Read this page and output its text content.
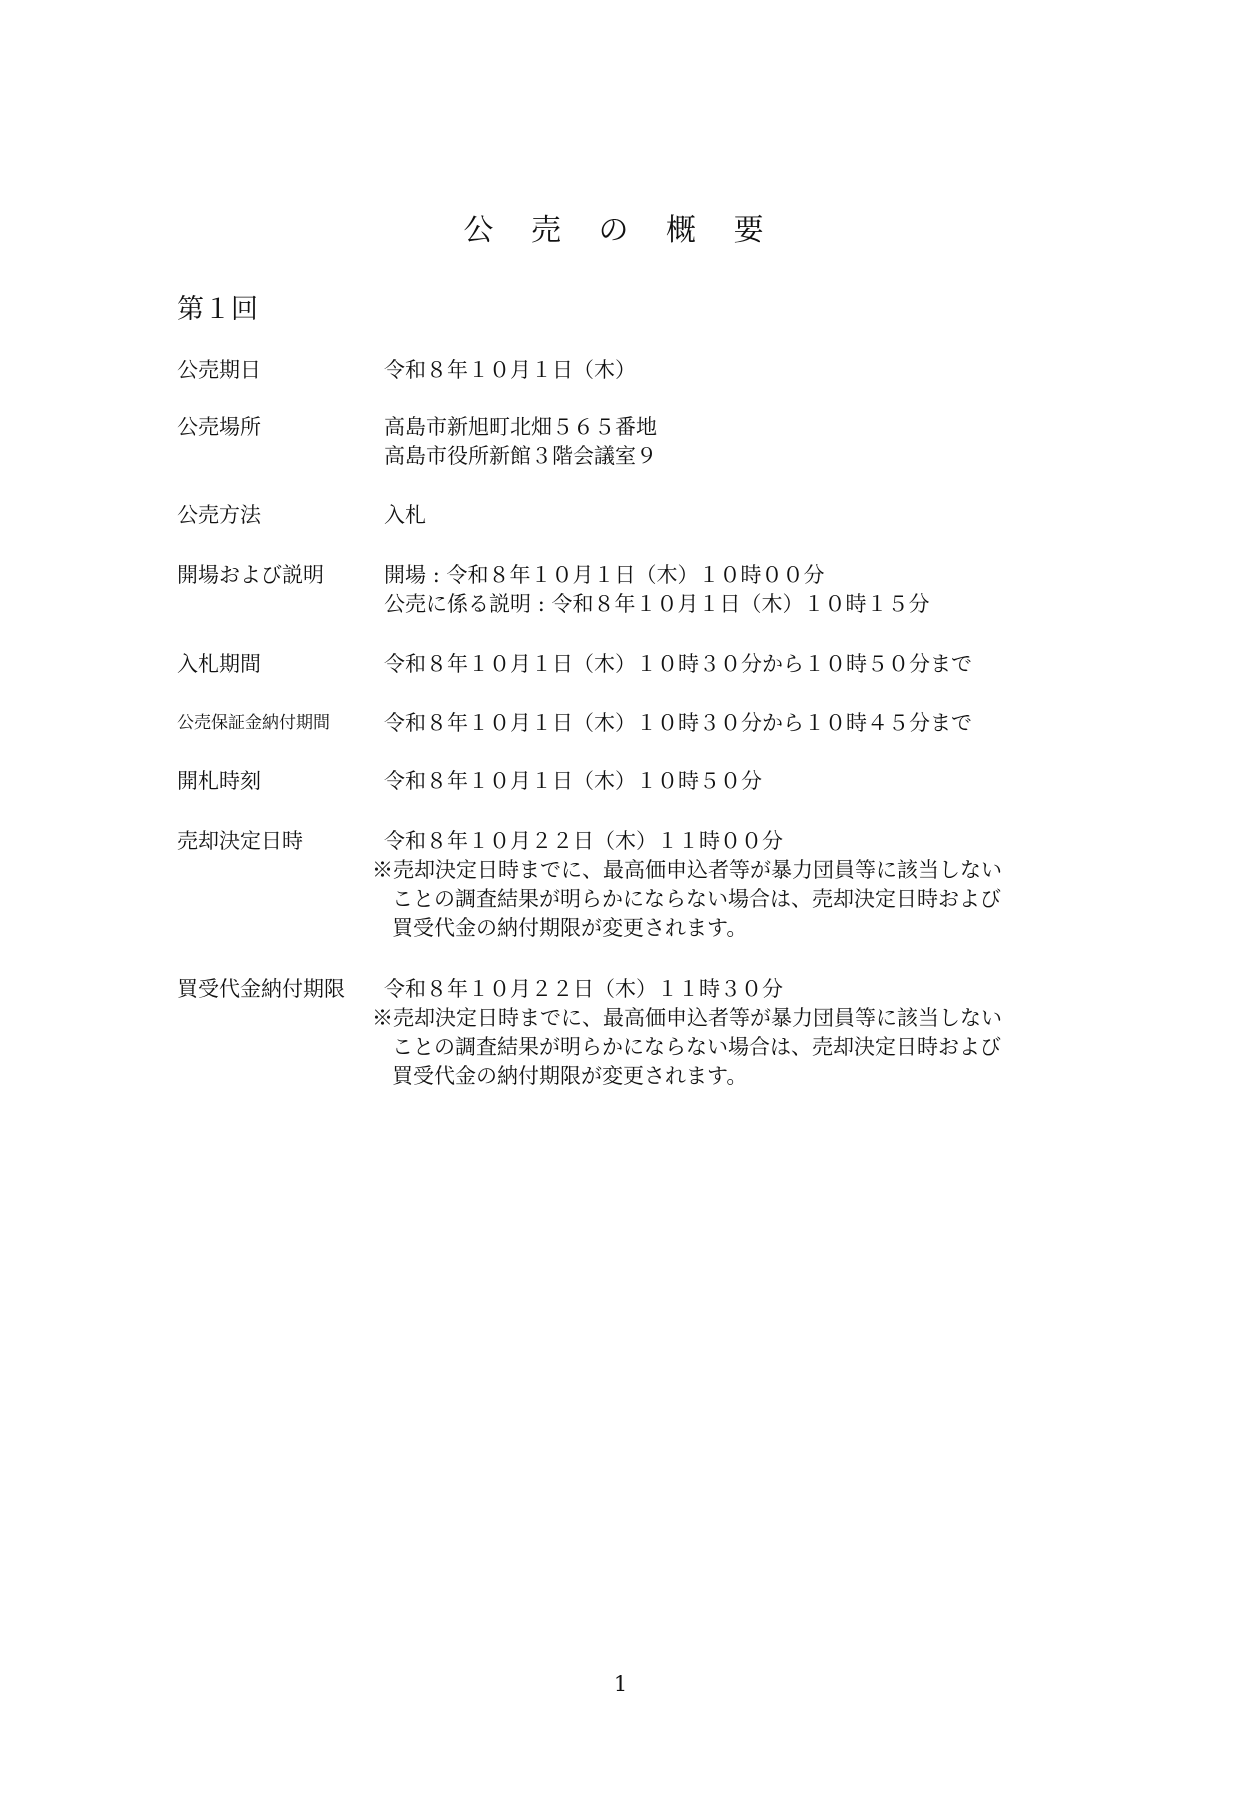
公 売 の 概 要
第１回
公売期日	令和８年１０月１日（木）
公売場所	高島市新旭町北畑５６５番地
高島市役所新館３階会議室９
公売方法	入札
開場および説明	開場 : 令和８年１０月１日（木）１０時００分
公売に係る説明 : 令和８年１０月１日（木）１０時１５分
入札期間	令和８年１０月１日（木）１０時３０分から１０時５０分まで
公売保証金納付期間	令和８年１０月１日（木）１０時３０分から１０時４５分まで
開札時刻	令和８年１０月１日（木）１０時５０分
売却決定日時	令和８年１０月２２日（木）１１時００分
※売却決定日時までに、最高価申込者等が暴力団員等に該当しない
ことの調査結果が明らかにならない場合は、売却決定日時および
買受代金の納付期限が変更されます。
買受代金納付期限 令和８年１０月２２日（木）１１時３０分
※売却決定日時までに、最高価申込者等が暴力団員等に該当しない
ことの調査結果が明らかにならない場合は、売却決定日時および
買受代金の納付期限が変更されます。
1
